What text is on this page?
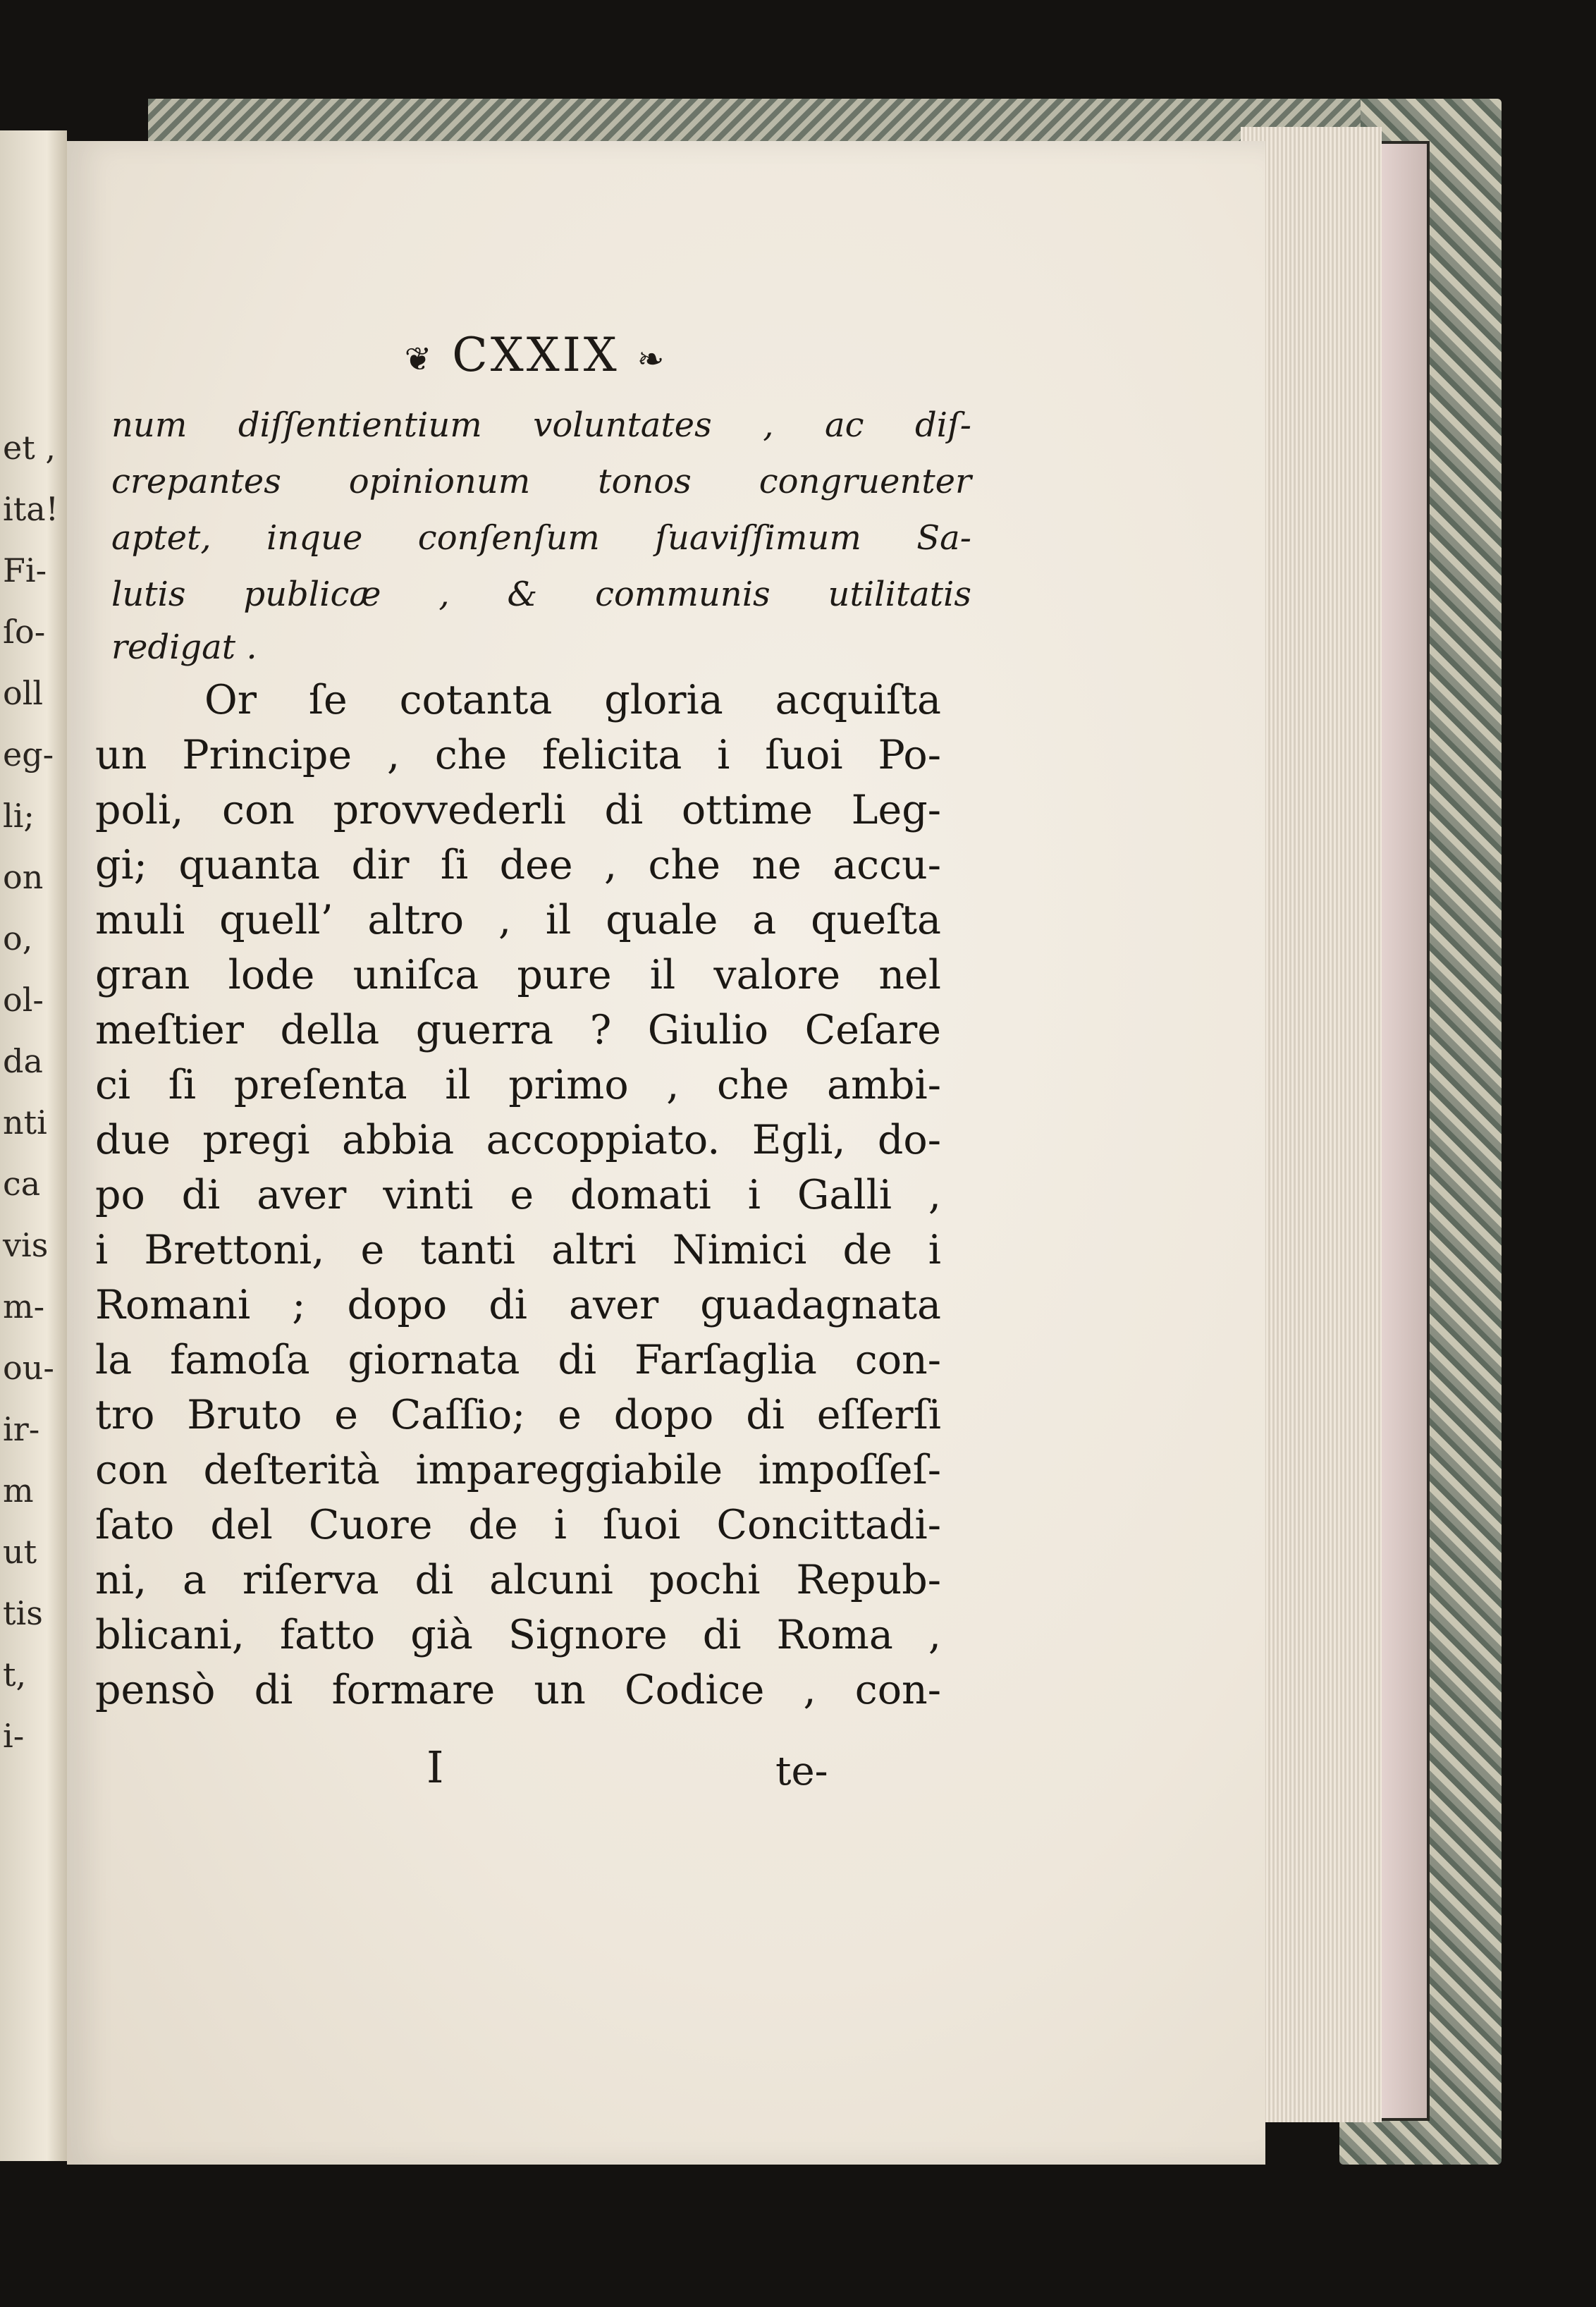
et ,
ita!
Fi-
ſo-
oll
eg-
li;
on
o,
ol-
da
nti
ca
vis
m-
ou-
ir-
m
ut
tis
t,
i-
❦ CXXIX ❧
num diſſentientium voluntates , ac diſ-
crepantes opinionum tonos congruenter
aptet, inque conſenſum ſuaviſſimum Sa-
lutis publicæ , & communis utilitatis
redigat .
Or ſe cotanta gloria acquiſta
un Principe , che felicita i ſuoi Po-
poli, con provvederli di ottime Leg-
gi; quanta dir ſi dee , che ne accu-
muli quell’ altro , il quale a queſta
gran lode uniſca pure il valore nel
meſtier della guerra ? Giulio Ceſare
ci ſi preſenta il primo , che ambi-
due pregi abbia accoppiato. Egli, do-
po di aver vinti e domati i Galli ,
i Brettoni, e tanti altri Nimici de i
Romani ; dopo di aver guadagnata
la famoſa giornata di Farſaglia con-
tro Bruto e Caſſio; e dopo di eſſerſi
con deſterità impareggiabile impoſſeſ-
ſato del Cuore de i ſuoi Concittadi-
ni, a riſerva di alcuni pochi Repub-
blicani, fatto già Signore di Roma ,
pensò di formare un Codice , con-
I	te-
